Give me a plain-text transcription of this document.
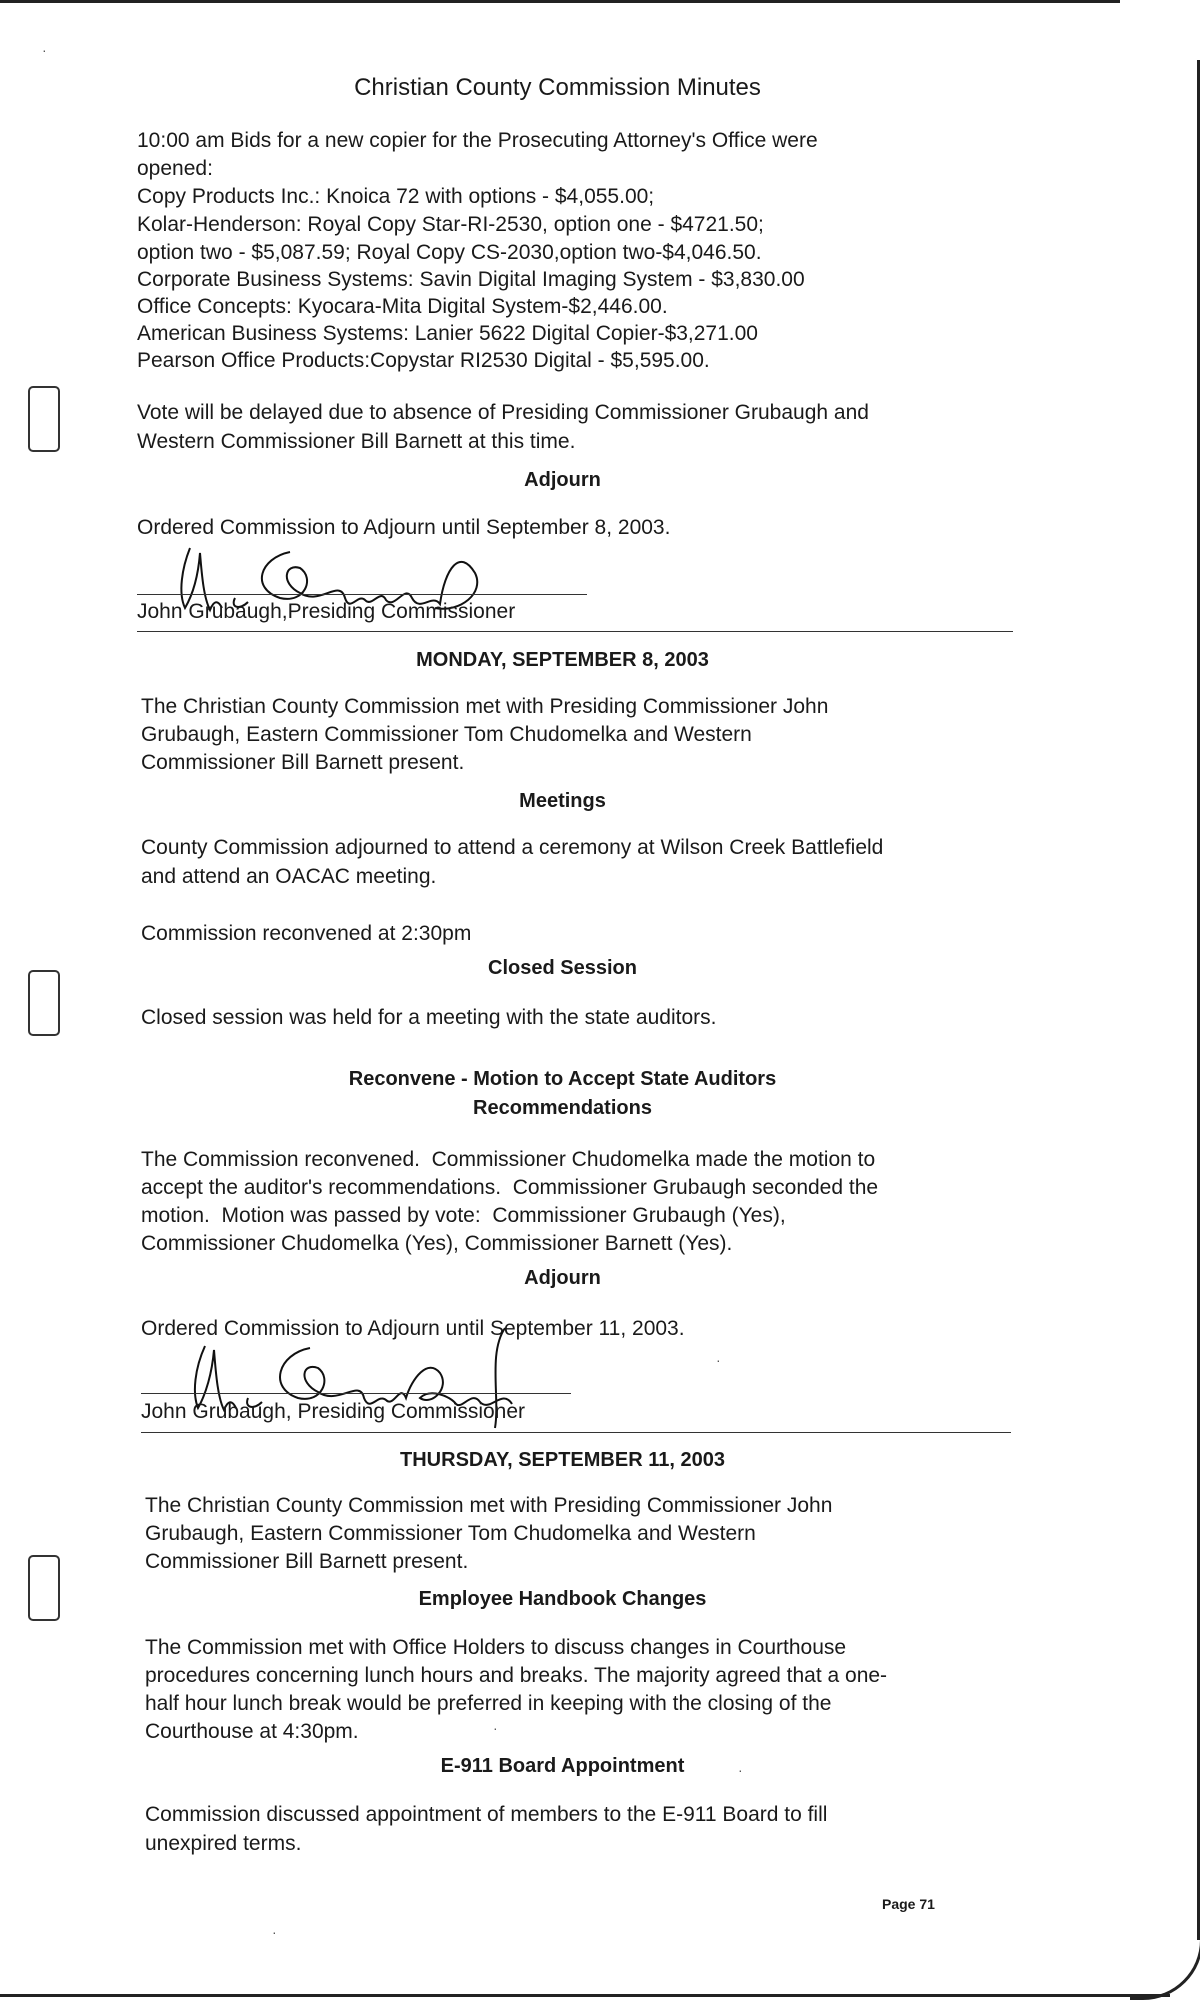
Christian County Commission Minutes
10:00 am Bids for a new copier for the Prosecuting Attorney's Office were
opened:
Copy Products Inc.: Knoica 72 with options - $4,055.00;
Kolar-Henderson: Royal Copy Star-RI-2530, option one - $4721.50;
option two - $5,087.59; Royal Copy CS-2030,option two-$4,046.50.
Corporate Business Systems: Savin Digital Imaging System - $3,830.00
Office Concepts: Kyocara-Mita Digital System-$2,446.00.
American Business Systems: Lanier 5622 Digital Copier-$3,271.00
Pearson Office Products:Copystar RI2530 Digital - $5,595.00.
Vote will be delayed due to absence of Presiding Commissioner Grubaugh and
Western Commissioner Bill Barnett at this time.
Adjourn
Ordered Commission to Adjourn until September 8, 2003.
John Grubaugh,Presiding Commissioner
MONDAY, SEPTEMBER 8, 2003
The Christian County Commission met with Presiding Commissioner John
Grubaugh, Eastern Commissioner Tom Chudomelka and Western
Commissioner Bill Barnett present.
Meetings
County Commission adjourned to attend a ceremony at Wilson Creek Battlefield
and attend an OACAC meeting.
Commission reconvened at 2:30pm
Closed Session
Closed session was held for a meeting with the state auditors.
Reconvene - Motion to Accept State Auditors
Recommendations
The Commission reconvened.  Commissioner Chudomelka made the motion to
accept the auditor's recommendations.  Commissioner Grubaugh seconded the
motion.  Motion was passed by vote:  Commissioner Grubaugh (Yes),
Commissioner Chudomelka (Yes), Commissioner Barnett (Yes).
Adjourn
Ordered Commission to Adjourn until September 11, 2003.
John Grubaugh, Presiding Commissioner
THURSDAY, SEPTEMBER 11, 2003
The Christian County Commission met with Presiding Commissioner John
Grubaugh, Eastern Commissioner Tom Chudomelka and Western
Commissioner Bill Barnett present.
Employee Handbook Changes
The Commission met with Office Holders to discuss changes in Courthouse
procedures concerning lunch hours and breaks. The majority agreed that a one-
half hour lunch break would be preferred in keeping with the closing of the
Courthouse at 4:30pm.
E-911 Board Appointment
Commission discussed appointment of members to the E-911 Board to fill
unexpired terms.
Page 71
·
·
·
·
·
